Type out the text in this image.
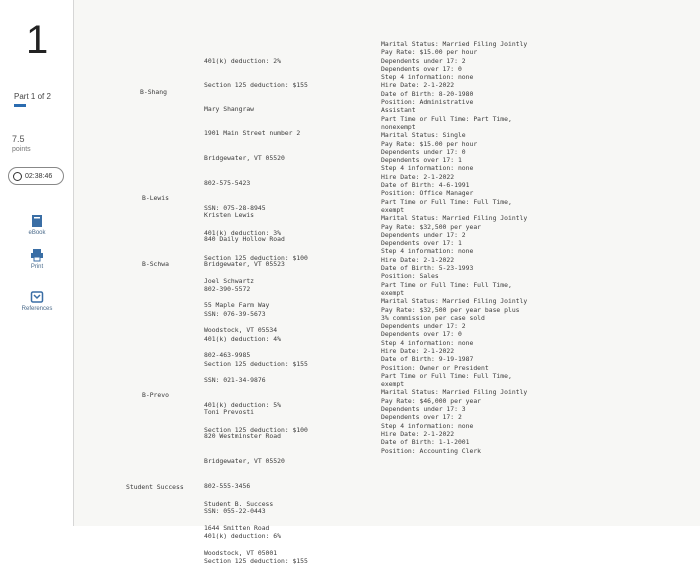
1
Part 1 of 2
7.5
points
02:38:46
eBook
Print
References

401(k) deduction: 2%

Section 125 deduction: $155

B-Shang

Mary Shangraw

1901 Main Street number 2

Bridgewater, VT 05520

802-575-5423

SSN: 075-28-8945

401(k) deduction: 3%

Section 125 deduction: $100

B-Lewis

Kristen Lewis

840 Daily Hollow Road

Bridgewater, VT 05523

802-390-5572

SSN: 076-39-5673

401(k) deduction: 4%

Section 125 deduction: $155

B-Schwa

Joel Schwartz

55 Maple Farm Way

Woodstock, VT 05534

802-463-9985

SSN: 021-34-9876

401(k) deduction: 5%

Section 125 deduction: $100

B-Prevo

Toni Prevosti

820 Westminster Road

Bridgewater, VT 05520

802-555-3456

SSN: 055-22-0443

401(k) deduction: 6%

Section 125 deduction: $155

Student Success

Student B. Success

1644 Smitten Road

Woodstock, VT 05001

Marital Status: Married Filing Jointly
Pay Rate: $15.00 per hour
Dependents under 17: 2
Dependents over 17: 0
Step 4 information: none
Hire Date: 2-1-2022
Date of Birth: 8-20-1980
Position: Administrative
Assistant
Part Time or Full Time: Part Time,
nonexempt
Marital Status: Single
Pay Rate: $15.00 per hour
Dependents under 17: 0
Dependents over 17: 1
Step 4 information: none
Hire Date: 2-1-2022
Date of Birth: 4-6-1991
Position: Office Manager
Part Time or Full Time: Full Time,
exempt
Marital Status: Married Filing Jointly
Pay Rate: $32,500 per year
Dependents under 17: 2
Dependents over 17: 1
Step 4 information: none
Hire Date: 2-1-2022
Date of Birth: 5-23-1993
Position: Sales
Part Time or Full Time: Full Time,
exempt
Marital Status: Married Filing Jointly
Pay Rate: $32,500 per year base plus
3% commission per case sold
Dependents under 17: 2
Dependents over 17: 0
Step 4 information: none
Hire Date: 2-1-2022
Date of Birth: 9-19-1987
Position: Owner or President
Part Time or Full Time: Full Time,
exempt
Marital Status: Married Filing Jointly
Pay Rate: $46,000 per year
Dependents under 17: 3
Dependents over 17: 2
Step 4 information: none
Hire Date: 2-1-2022
Date of Birth: 1-1-2001
Position: Accounting Clerk
